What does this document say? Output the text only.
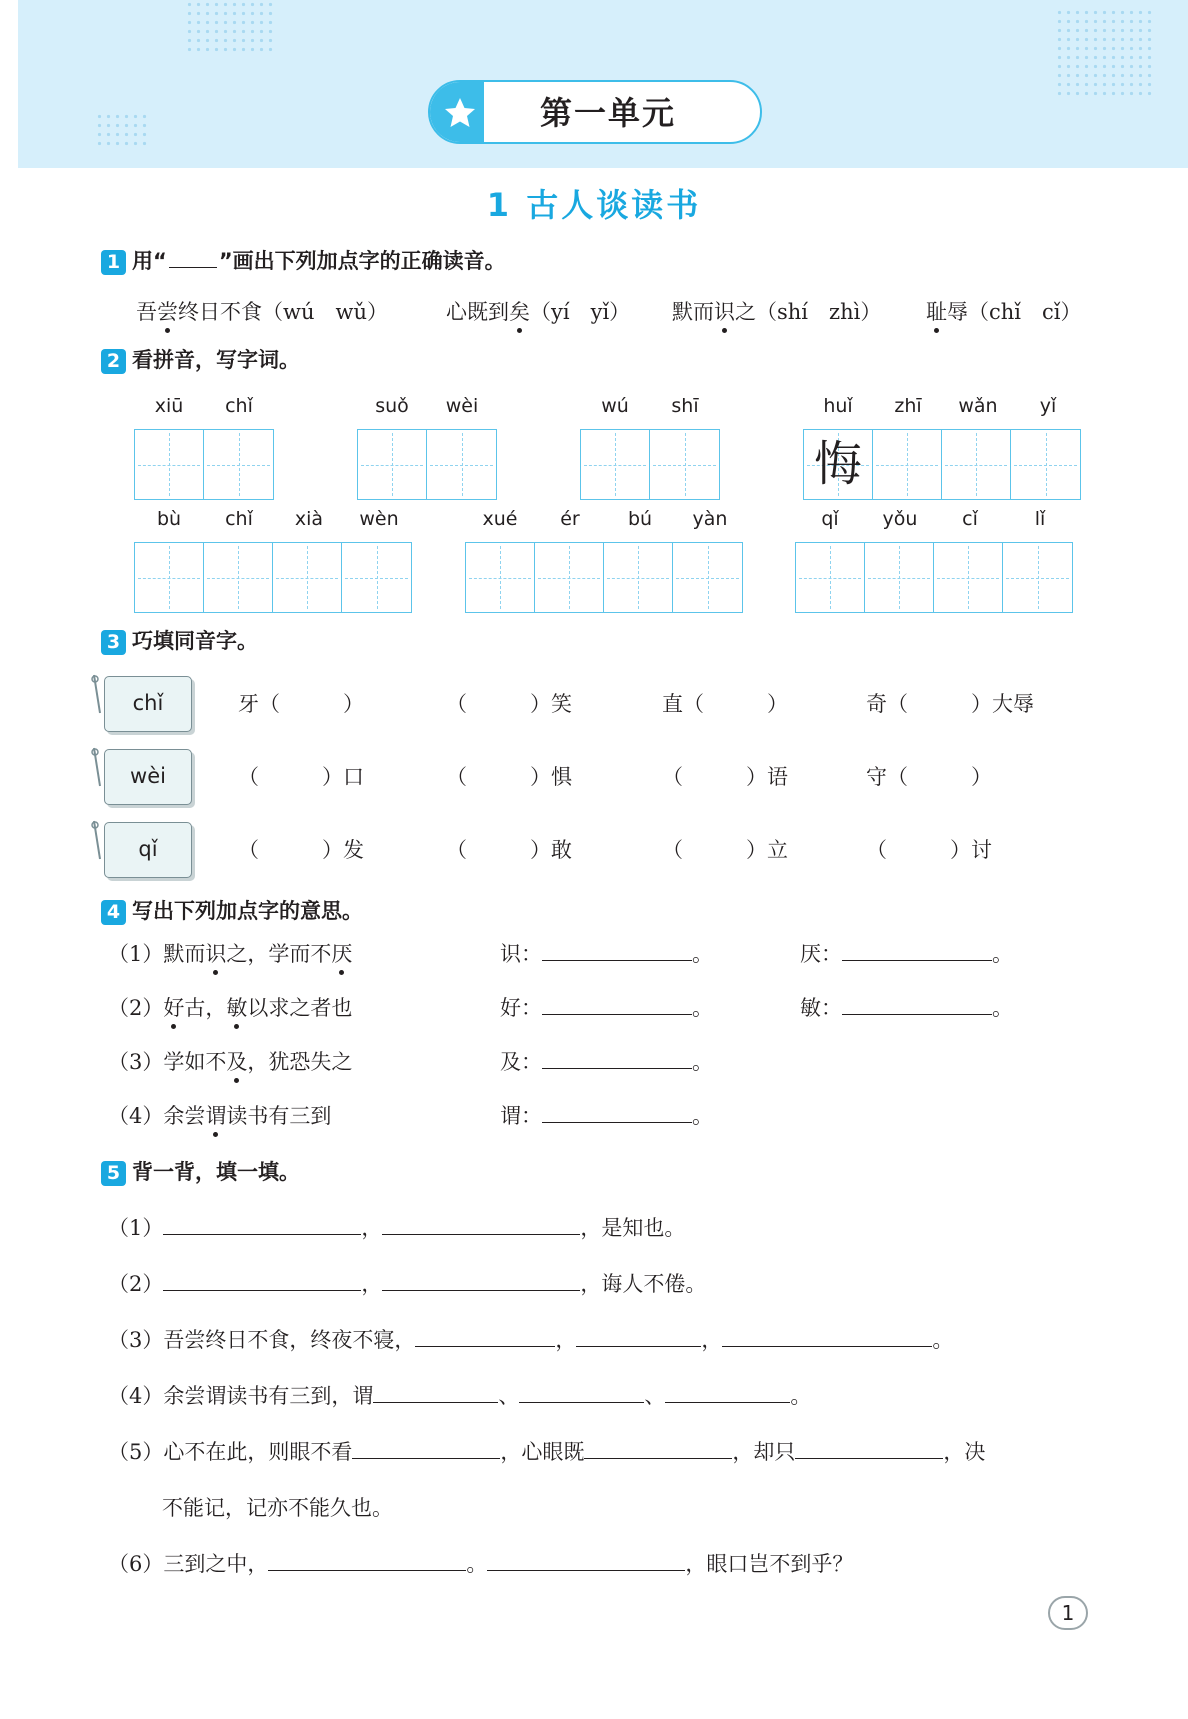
第一单元
1 古人谈读书
1 用“ ”画出下列加点字的正确读音。
吾尝终日不食（wú　wǔ）	心既到矣（yí　yǐ） 默而识之（shí　zhì） 耻辱（chǐ　cǐ）
2 看拼音，写字词。
xiū	chǐ	suǒ	wèi	wú	shī	huǐ	zhī	wǎn	yǐ
悔
bù	chǐ	xià	wèn	xué	ér	bú	yàn	qǐ	yǒu	cǐ	lǐ
3 巧填同音字。
chǐ	牙（　　　）	（　　　）笑	直（　　　）	奇（　　　）大辱
wèi	（　　　）口	（　　　）惧	（　　　）语	守（　　　）
qǐ	（　　　）发	（　　　）敢	（　　　）立	（　　　）讨
4 写出下列加点字的意思。
（1）默而识之，学而不厌	识：	。	厌：	。
（2）好古，敏以求之者也	好：	。	敏：	。
（3）学如不及，犹恐失之	及：	。
（4）余尝谓读书有三到	谓：	。
5 背一背，填一填。
（1）	，	，是知也。
（2）	，	，诲人不倦。
（3）吾尝终日不食，终夜不寝，	，	，	。
（4）余尝谓读书有三到，谓	、	、	。
（5）心不在此，则眼不看	，心眼既	，却只	，决
不能记，记亦不能久也。
（6）三到之中，	。	，眼口岂不到乎？
1
